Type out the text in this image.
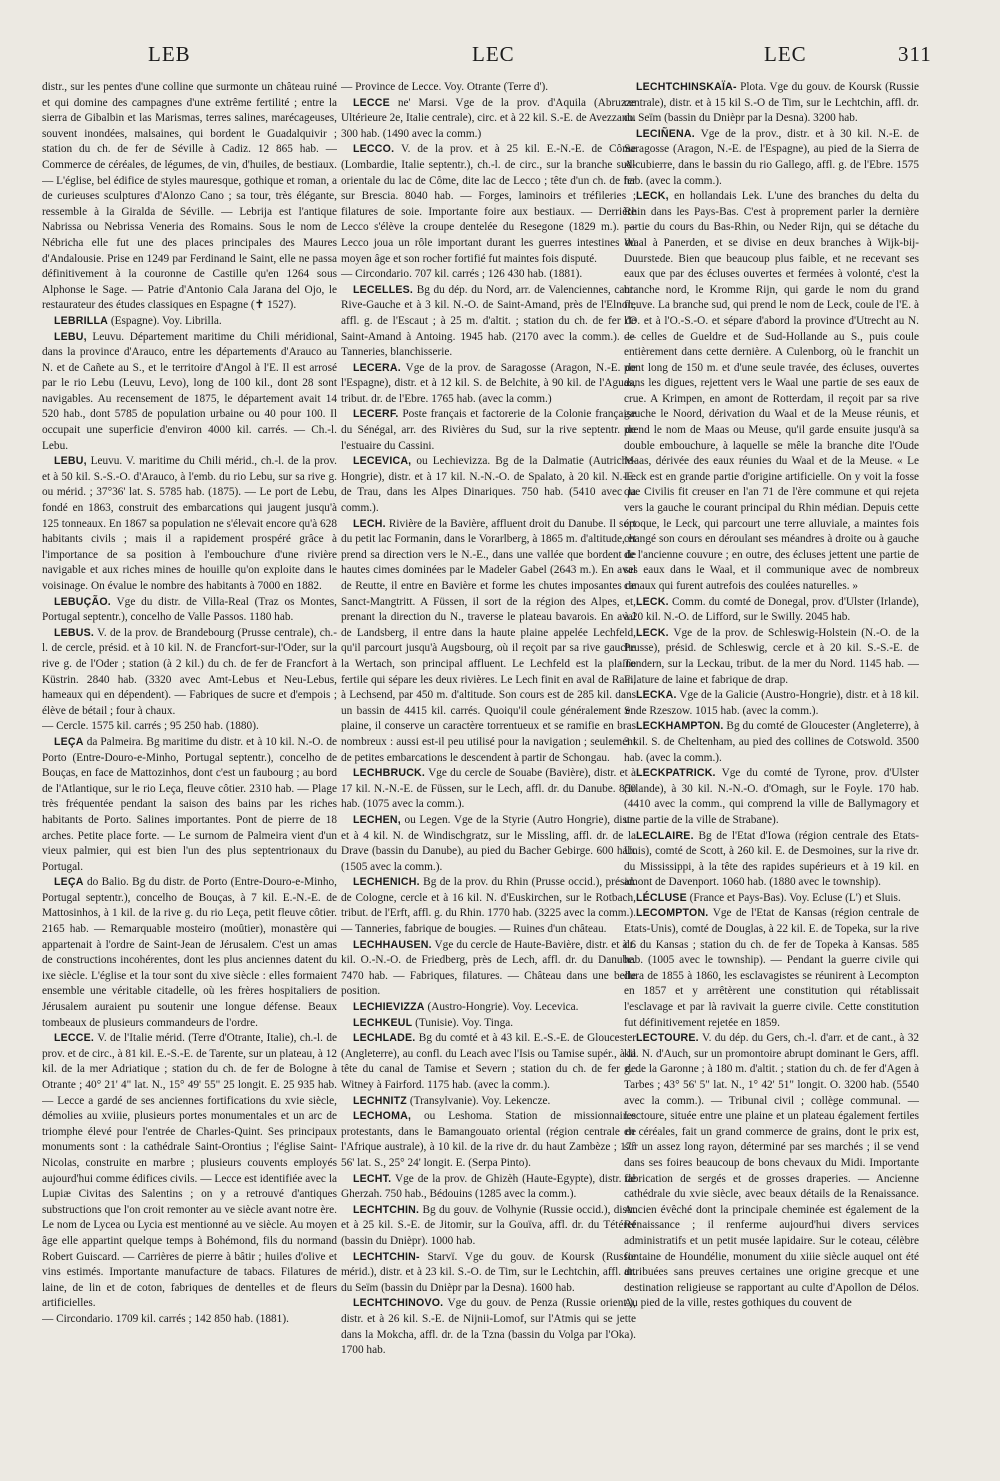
LEB	LEC	LEC	311

distr., sur les pentes d'une colline que surmonte un château ruiné et qui domine des campagnes d'une extrême fertilité ; entre la sierra de Gibalbin et las Marismas, terres salines, marécageuses, souvent inondées, malsaines, qui bordent le Guadalquivir ; station du ch. de fer de Séville à Cadiz. 12 865 hab. — Commerce de céréales, de légumes, de vin, d'huiles, de bestiaux. — L'église, bel édifice de styles mauresque, gothique et roman, a de curieuses sculptures d'Alonzo Cano ; sa tour, très élégante, ressemble à la Giralda de Séville. — Lebrija est l'antique Nabrissa ou Nebrissa Veneria des Romains. Sous le nom de Nébricha elle fut une des places principales des Maures d'Andalousie. Prise en 1249 par Ferdinand le Saint, elle ne passa définitivement à la couronne de Castille qu'en 1264 sous Alphonse le Sage. — Patrie d'Antonio Cala Jarana del Ojo, le restaurateur des études classiques en Espagne (✝ 1527).

LEBRILLA (Espagne). Voy. Librilla.

LEBU, Leuvu. Département maritime du Chili méridional, dans la province d'Arauco, entre les départements d'Arauco au N. et de Cañete au S., et le territoire d'Angol à l'E. Il est arrosé par le rio Lebu (Leuvu, Levo), long de 100 kil., dont 28 sont navigables. Au recensement de 1875, le département avait 14 520 hab., dont 5785 de population urbaine ou 40 pour 100. Il occupait une superficie d'environ 4000 kil. carrés. — Ch.-l. Lebu.

LEBU, Leuvu. V. maritime du Chili mérid., ch.-l. de la prov. et à 50 kil. S.-S.-O. d'Arauco, à l'emb. du rio Lebu, sur sa rive g. ou mérid. ; 37°36' lat. S. 5785 hab. (1875). — Le port de Lebu, fondé en 1863, construit des embarcations qui jaugent jusqu'à 125 tonneaux. En 1867 sa population ne s'élevait encore qu'à 628 habitants civils ; mais il a rapidement prospéré grâce à l'importance de sa position à l'embouchure d'une rivière navigable et aux riches mines de houille qu'on exploite dans le voisinage. On évalue le nombre des habitants à 7000 en 1882.

LEBUÇÃO. Vge du distr. de Villa-Real (Traz os Montes, Portugal septentr.), concelho de Valle Passos. 1180 hab.

LEBUS. V. de la prov. de Brandebourg (Prusse centrale), ch.-l. de cercle, présid. et à 10 kil. N. de Francfort-sur-l'Oder, sur la rive g. de l'Oder ; station (à 2 kil.) du ch. de fer de Francfort à Küstrin. 2840 hab. (3320 avec Amt-Lebus et Neu-Lebus, hameaux qui en dépendent). — Fabriques de sucre et d'empois ; élève de bétail ; four à chaux.

— Cercle. 1575 kil. carrés ; 95 250 hab. (1880).

LEÇA da Palmeira. Bg maritime du distr. et à 10 kil. N.-O. de Porto (Entre-Douro-e-Minho, Portugal septentr.), concelho de Bouças, en face de Mattozinhos, dont c'est un faubourg ; au bord de l'Atlantique, sur le rio Leça, fleuve côtier. 2310 hab. — Plage très fréquentée pendant la saison des bains par les riches habitants de Porto. Salines importantes. Pont de pierre de 18 arches. Petite place forte. — Le surnom de Palmeira vient d'un vieux palmier, qui est bien l'un des plus septentrionaux du Portugal.

LEÇA do Balio. Bg du distr. de Porto (Entre-Douro-e-Minho, Portugal septentr.), concelho de Bouças, à 7 kil. E.-N.-E. de Mattosinhos, à 1 kil. de la rive g. du rio Leça, petit fleuve côtier. 2165 hab. — Remarquable mosteiro (moûtier), monastère qui appartenait à l'ordre de Saint-Jean de Jérusalem. C'est un amas de constructions incohérentes, dont les plus anciennes datent du ixe siècle. L'église et la tour sont du xive siècle : elles formaient ensemble une véritable citadelle, où les frères hospitaliers de Jérusalem auraient pu soutenir une longue défense. Beaux tombeaux de plusieurs commandeurs de l'ordre.

LECCE. V. de l'Italie mérid. (Terre d'Otrante, Italie), ch.-l. de prov. et de circ., à 81 kil. E.-S.-E. de Tarente, sur un plateau, à 12 kil. de la mer Adriatique ; station du ch. de fer de Bologne à Otrante ; 40° 21' 4" lat. N., 15° 49' 55" 25 longit. E. 25 935 hab. — Lecce a gardé de ses anciennes fortifications du xvie siècle, démolies au xviiie, plusieurs portes monumentales et un arc de triomphe élevé pour l'entrée de Charles-Quint. Ses principaux monuments sont : la cathédrale Saint-Orontius ; l'église Saint-Nicolas, construite en marbre ; plusieurs couvents employés aujourd'hui comme édifices civils. — Lecce est identifiée avec la Lupiæ Civitas des Salentins ; on y a retrouvé d'antiques substructions que l'on croit remonter au ve siècle avant notre ère. Le nom de Lycea ou Lycia est mentionné au ve siècle. Au moyen âge elle appartint quelque temps à Bohémond, fils du normand Robert Guiscard. — Carrières de pierre à bâtir ; huiles d'olive et vins estimés. Importante manufacture de tabacs. Filatures de laine, de lin et de coton, fabriques de dentelles et de fleurs artificielles.

— Circondario. 1709 kil. carrés ; 142 850 hab. (1881).

— Province de Lecce. Voy. Otrante (Terre d').

LECCE ne' Marsi. Vge de la prov. d'Aquila (Abruzze Ultérieure 2e, Italie centrale), circ. et à 22 kil. S.-E. de Avezzano. 300 hab. (1490 avec la comm.)

LECCO. V. de la prov. et à 25 kil. E.-N.-E. de Côme (Lombardie, Italie septentr.), ch.-l. de circ., sur la branche sud-orientale du lac de Côme, dite lac de Lecco ; tête d'un ch. de fer sur Brescia. 8040 hab. — Forges, laminoirs et tréfileries ; filatures de soie. Importante foire aux bestiaux. — Derrière Lecco s'élève la croupe dentelée du Resegone (1829 m.). — Lecco joua un rôle important durant les guerres intestines du moyen âge et son rocher fortifié fut maintes fois disputé.

— Circondario. 707 kil. carrés ; 126 430 hab. (1881).

LECELLES. Bg du dép. du Nord, arr. de Valenciennes, cant. Rive-Gauche et à 3 kil. N.-O. de Saint-Amand, près de l'Elnon, affl. g. de l'Escaut ; à 25 m. d'altit. ; station du ch. de fer de Saint-Amand à Antoing. 1945 hab. (2170 avec la comm.). — Tanneries, blanchisserie.

LECERA. Vge de la prov. de Saragosse (Aragon, N.-E. de l'Espagne), distr. et à 12 kil. S. de Belchite, à 90 kil. de l'Aguas, tribut. dr. de l'Ebre. 1765 hab. (avec la comm.)

LECERF. Poste français et factorerie de la Colonie française du Sénégal, arr. des Rivières du Sud, sur la rive septentr. de l'estuaire du Cassini.

LECEVICA, ou Lechievizza. Bg de la Dalmatie (Autriche-Hongrie), distr. et à 17 kil. N.-N.-O. de Spalato, à 20 kil. N.-E. de Trau, dans les Alpes Dinariques. 750 hab. (5410 avec la comm.).

LECH. Rivière de la Bavière, affluent droit du Danube. Il sort du petit lac Formanin, dans le Vorarlberg, à 1865 m. d'altitude, et prend sa direction vers le N.-E., dans une vallée que bordent de hautes cimes dominées par le Madeler Gabel (2643 m.). En aval de Reutte, il entre en Bavière et forme les chutes imposantes de Sanct-Mangtritt. A Füssen, il sort de la région des Alpes, et, prenant la direction du N., traverse le plateau bavarois. En aval de Landsberg, il entre dans la haute plaine appelée Lechfeld, qu'il parcourt jusqu'à Augsbourg, où il reçoit par sa rive gauche la Wertach, son principal affluent. Le Lechfeld est la plaine fertile qui sépare les deux rivières. Le Lech finit en aval de Rain, à Lechsend, par 450 m. d'altitude. Son cours est de 285 kil. dans un bassin de 4415 kil. carrés. Quoiqu'il coule généralement en plaine, il conserve un caractère torrentueux et se ramifie en bras nombreux : aussi est-il peu utilisé pour la navigation ; seulement de petites embarcations le descendent à partir de Schongau.

LECHBRUCK. Vge du cercle de Souabe (Bavière), distr. et à 17 kil. N.-N.-E. de Füssen, sur le Lech, affl. dr. du Danube. 850 hab. (1075 avec la comm.).

LECHEN, ou Legen. Vge de la Styrie (Autro Hongrie), distr. et à 4 kil. N. de Windischgratz, sur le Missling, affl. dr. de la Drave (bassin du Danube), au pied du Bacher Gebirge. 600 hab. (1505 avec la comm.).

LECHENICH. Bg de la prov. du Rhin (Prusse occid.), présid. de Cologne, cercle et à 16 kil. N. d'Euskirchen, sur le Rotbach, tribut. de l'Erft, affl. g. du Rhin. 1770 hab. (3225 avec la comm.). — Tanneries, fabrique de bougies. — Ruines d'un château.

LECHHAUSEN. Vge du cercle de Haute-Bavière, distr. et à 6 kil. O.-N.-O. de Friedberg, près de Lech, affl. dr. du Danube. 7470 hab. — Fabriques, filatures. — Château dans une belle position.

LECHIEVIZZA (Austro-Hongrie). Voy. Lecevica.

LECHKEUL (Tunisie). Voy. Tinga.

LECHLADE. Bg du comté et à 43 kil. E.-S.-E. de Gloucester (Angleterre), au confl. du Leach avec l'Isis ou Tamise supér., à la tête du canal de Tamise et Severn ; station du ch. de fer de Witney à Fairford. 1175 hab. (avec la comm.).

LECHNITZ (Transylvanie). Voy. Lekencze.

LECHOMA, ou Leshoma. Station de missionnaires protestants, dans le Bamangouato oriental (région centrale de l'Afrique australe), à 10 kil. de la rive dr. du haut Zambèze ; 17° 56' lat. S., 25° 24' longit. E. (Serpa Pinto).

LECHT. Vge de la prov. de Ghizèh (Haute-Egypte), distr. de Gherzah. 750 hab., Bédouins (1285 avec la comm.).

LECHTCHIN. Bg du gouv. de Volhynie (Russie occid.), distr. et à 25 kil. S.-E. de Jitomir, sur la Gouïva, affl. dr. du Tétéref (bassin du Dnièpr). 1000 hab.

LECHTCHIN- Starvï. Vge du gouv. de Koursk (Russie mérid.), distr. et à 23 kil. S.-O. de Tim, sur le Lechtchin, affl. dr. du Seïm (bassin du Dnièpr par la Desna). 1600 hab.

LECHTCHINOVO. Vge du gouv. de Penza (Russie orient.), distr. et à 26 kil. S.-E. de Nijnii-Lomof, sur l'Atmis qui se jette dans la Mokcha, affl. dr. de la Tzna (bassin du Volga par l'Oka). 1700 hab.

LECHTCHINSKAÏA- Plota. Vge du gouv. de Koursk (Russie centrale), distr. et à 15 kil S.-O de Tim, sur le Lechtchin, affl. dr. du Seïm (bassin du Dnièpr par la Desna). 3200 hab.

LECIÑENA. Vge de la prov., distr. et à 30 kil. N.-E. de Saragosse (Aragon, N.-E. de l'Espagne), au pied de la Sierra de Alcubierre, dans le bassin du rio Gallego, affl. g. de l'Ebre. 1575 hab. (avec la comm.).

LECK, en hollandais Lek. L'une des branches du delta du Rhin dans les Pays-Bas. C'est à proprement parler la dernière partie du cours du Bas-Rhin, ou Neder Rijn, qui se détache du Waal à Panerden, et se divise en deux branches à Wijk-bij-Duurstede. Bien que beaucoup plus faible, et ne recevant ses eaux que par des écluses ouvertes et fermées à volonté, c'est la branche nord, le Kromme Rijn, qui garde le nom du grand fleuve. La branche sud, qui prend le nom de Leck, coule de l'E. à l'O. et à l'O.-S.-O. et sépare d'abord la province d'Utrecht au N. de celles de Gueldre et de Sud-Hollande au S., puis coule entièrement dans cette dernière. A Culenborg, où le franchit un pont long de 150 m. et d'une seule travée, des écluses, ouvertes dans les digues, rejettent vers le Waal une partie de ses eaux de crue. A Krimpen, en amont de Rotterdam, il reçoit par sa rive gauche le Noord, dérivation du Waal et de la Meuse réunis, et prend le nom de Maas ou Meuse, qu'il garde ensuite jusqu'à sa double embouchure, à laquelle se mêle la branche dite l'Oude Maas, dérivée des eaux réunies du Waal et de la Meuse. « Le Leck est en grande partie d'origine artificielle. On y voit la fosse que Civilis fit creuser en l'an 71 de l'ère commune et qui rejeta vers la gauche le courant principal du Rhin médian. Depuis cette époque, le Leck, qui parcourt une terre alluviale, a maintes fois changé son cours en déroulant ses méandres à droite ou à gauche de l'ancienne couvure ; en outre, des écluses jettent une partie de ses eaux dans le Waal, et il communique avec de nombreux canaux qui furent autrefois des coulées naturelles. »

LECK. Comm. du comté de Donegal, prov. d'Ulster (Irlande), à 20 kil. N.-O. de Lifford, sur le Swilly. 2045 hab.

LECK. Vge de la prov. de Schleswig-Holstein (N.-O. de la Prusse), présid. de Schleswig, cercle et à 20 kil. S.-S.-E. de Tondern, sur la Leckau, tribut. de la mer du Nord. 1145 hab. — Filature de laine et fabrique de drap.

LECKA. Vge de la Galicie (Austro-Hongrie), distr. et à 18 kil. S. de Rzeszow. 1015 hab. (avec la comm.).

LECKHAMPTON. Bg du comté de Gloucester (Angleterre), à 3 kil. S. de Cheltenham, au pied des collines de Cotswold. 3500 hab. (avec la comm.).

LECKPATRICK. Vge du comté de Tyrone, prov. d'Ulster (Irlande), à 30 kil. N.-N.-O. d'Omagh, sur le Foyle. 170 hab. (4410 avec la comm., qui comprend la ville de Ballymagory et une partie de la ville de Strabane).

LECLAIRE. Bg de l'Etat d'Iowa (région centrale des Etats-Unis), comté de Scott, à 260 kil. E. de Desmoines, sur la rive dr. du Mississippi, à la tête des rapides supérieurs et à 19 kil. en amont de Davenport. 1060 hab. (1880 avec le township).

LÉCLUSE (France et Pays-Bas). Voy. Ecluse (L') et Sluis.

LECOMPTON. Vge de l'Etat de Kansas (région centrale de Etats-Unis), comté de Douglas, à 22 kil. E. de Topeka, sur la rive dr. du Kansas ; station du ch. de fer de Topeka à Kansas. 585 hab. (1005 avec le township). — Pendant la guerre civile qui dura de 1855 à 1860, les esclavagistes se réunirent à Lecompton en 1857 et y arrêtèrent une constitution qui rétablissait l'esclavage et par là ravivait la guerre civile. Cette constitution fut définitivement rejetée en 1859.

LECTOURE. V. du dép. du Gers, ch.-l. d'arr. et de cant., à 32 kil. N. d'Auch, sur un promontoire abrupt dominant le Gers, affl. g. de la Garonne ; à 180 m. d'altit. ; station du ch. de fer d'Agen à Tarbes ; 43° 56' 5" lat. N., 1° 42' 51" longit. O. 3200 hab. (5540 avec la comm.). — Tribunal civil ; collège communal. — Lectoure, située entre une plaine et un plateau également fertiles en céréales, fait un grand commerce de grains, dont le prix est, sur un assez long rayon, déterminé par ses marchés ; il se vend dans ses foires beaucoup de bons chevaux du Midi. Importante fabrication de sergés et de grosses draperies. — Ancienne cathédrale du xvie siècle, avec beaux détails de la Renaissance. Ancien évêché dont la principale cheminée est également de la Renaissance ; il renferme aujourd'hui divers services administratifs et un petit musée lapidaire. Sur le coteau, célèbre fontaine de Houndélie, monument du xiiie siècle auquel ont été attribuées sans preuves certaines une origine grecque et une destination religieuse se rapportant au culte d'Apollon de Délos. Au pied de la ville, restes gothiques du couvent de
